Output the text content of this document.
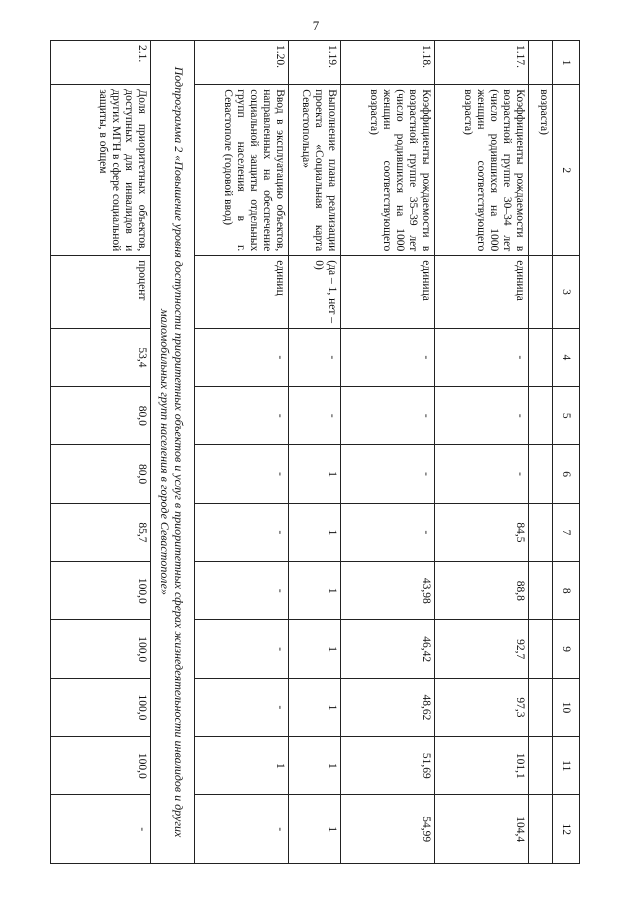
7
1	2	3	4	5	6	7	8	9	10	11	12
	возраста)										
1.17.	Коэффициенты рождаемости в возрастной группе 30–34 лет (число родившихся на 1000 женщин соответствующего возраста)	единица	-	-	-	84,5	88,8	92,7	97,3	101,1	104,4
1.18.	Коэффициенты рождаемости в возрастной группе 35–39 лет (число родившихся на 1000 женщин соответствующего возраста)	единица	-	-	-	-	43,98	46,42	48,62	51,69	54,99
1.19.	Выполнение плана реализации проекта «Социальная карта Севастопольца»	(да – 1, нет – 0)	-	-	1	1	1	1	1	1	1
1.20.	Ввод в эксплуатацию объектов, направленных на обеспечение социальной защиты отдельных групп населения в г. Севастополе (годовой ввод)	единиц	-	-	-	-	-	-	-	1	-
Подпрограмма 2 «Повышение уровня доступности приоритетных объектов и услуг в приоритетных сферах жизнедеятельности инвалидов и других маломобильных групп населения в городе Севастополе»											
2.1.	Доля приоритетных объектов, доступных для инвалидов и других МГН в сфере социальной защиты, в общем	процент	53,4	80,0	80,0	85,7	100,0	100,0	100,0	100,0	-
